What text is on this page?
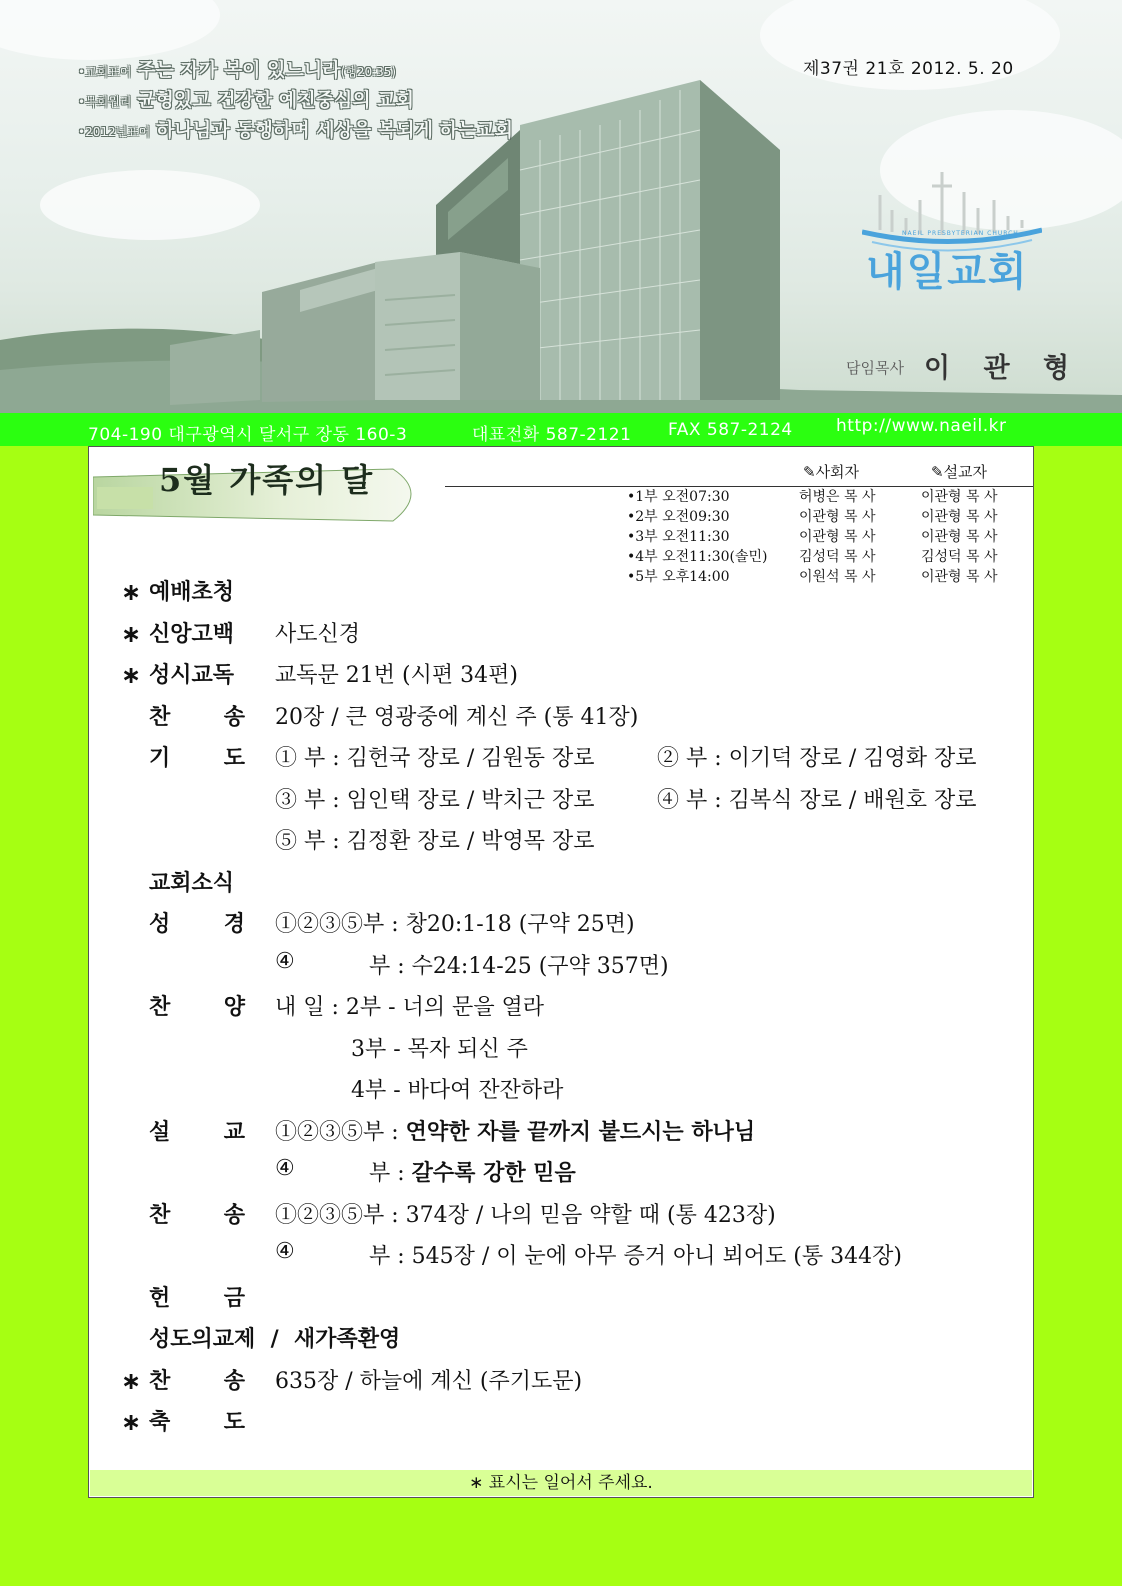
•교회표어 주는 자가 복이 있느니라(행20:35)
•목회원리 균형있고 건강한 예친중심의 교회
•2012년표어 하나님과 동행하며 세상을 복되게 하는교회
제37권 21호 2012. 5. 20
NAEIL PRESBYTERIAN CHURCH
내일교회
담임목사 이 관 형
704-190 대구광역시 달서구 장동 160-3	대표전화 587-2121 FAX 587-2124	http://www.naeil.kr
5월 가족의 달	✎사회자	✎설교자
•1부 오전07:30	허병은 목 사	이관형 목 사
•2부 오전09:30	이관형 목 사	이관형 목 사
•3부 오전11:30	이관형 목 사	이관형 목 사
•4부 오전11:30(솔민) 김성덕 목 사	김성덕 목 사
•5부 오후14:00	이원석 목 사	이관형 목 사
∗ 예배초청
∗ 신앙고백 사도신경
∗ 성시교독 교독문 21번 (시편 34편)
찬 송 20장 / 큰 영광중에 계신 주 (통 41장)
기 도 ① 부 : 김헌국 장로 / 김원동 장로	② 부 : 이기덕 장로 / 김영화 장로
③ 부 : 임인택 장로 / 박치근 장로	④ 부 : 김복식 장로 / 배원호 장로
⑤ 부 : 김정환 장로 / 박영목 장로
교회소식
성 경 ①②③⑤부 : 창20:1-18 (구약 25면)
④	부 : 수24:14-25 (구약 357면)
찬 양 내 일 : 2부 - 너의 문을 열라
3부 - 목자 되신 주
4부 - 바다여 잔잔하라
설 교 ①②③⑤부 : 연약한 자를 끝까지 붙드시는 하나님
④	부 : 갈수록 강한 믿음
찬 송 ①②③⑤부 : 374장 / 나의 믿음 약할 때 (통 423장)
④	부 : 545장 / 이 눈에 아무 증거 아니 뵈어도 (통 344장)
헌 금
성도의교제  /  새가족환영
∗ 찬 송 635장 / 하늘에 계신 (주기도문)
∗ 축 도
∗ 표시는 일어서 주세요.
